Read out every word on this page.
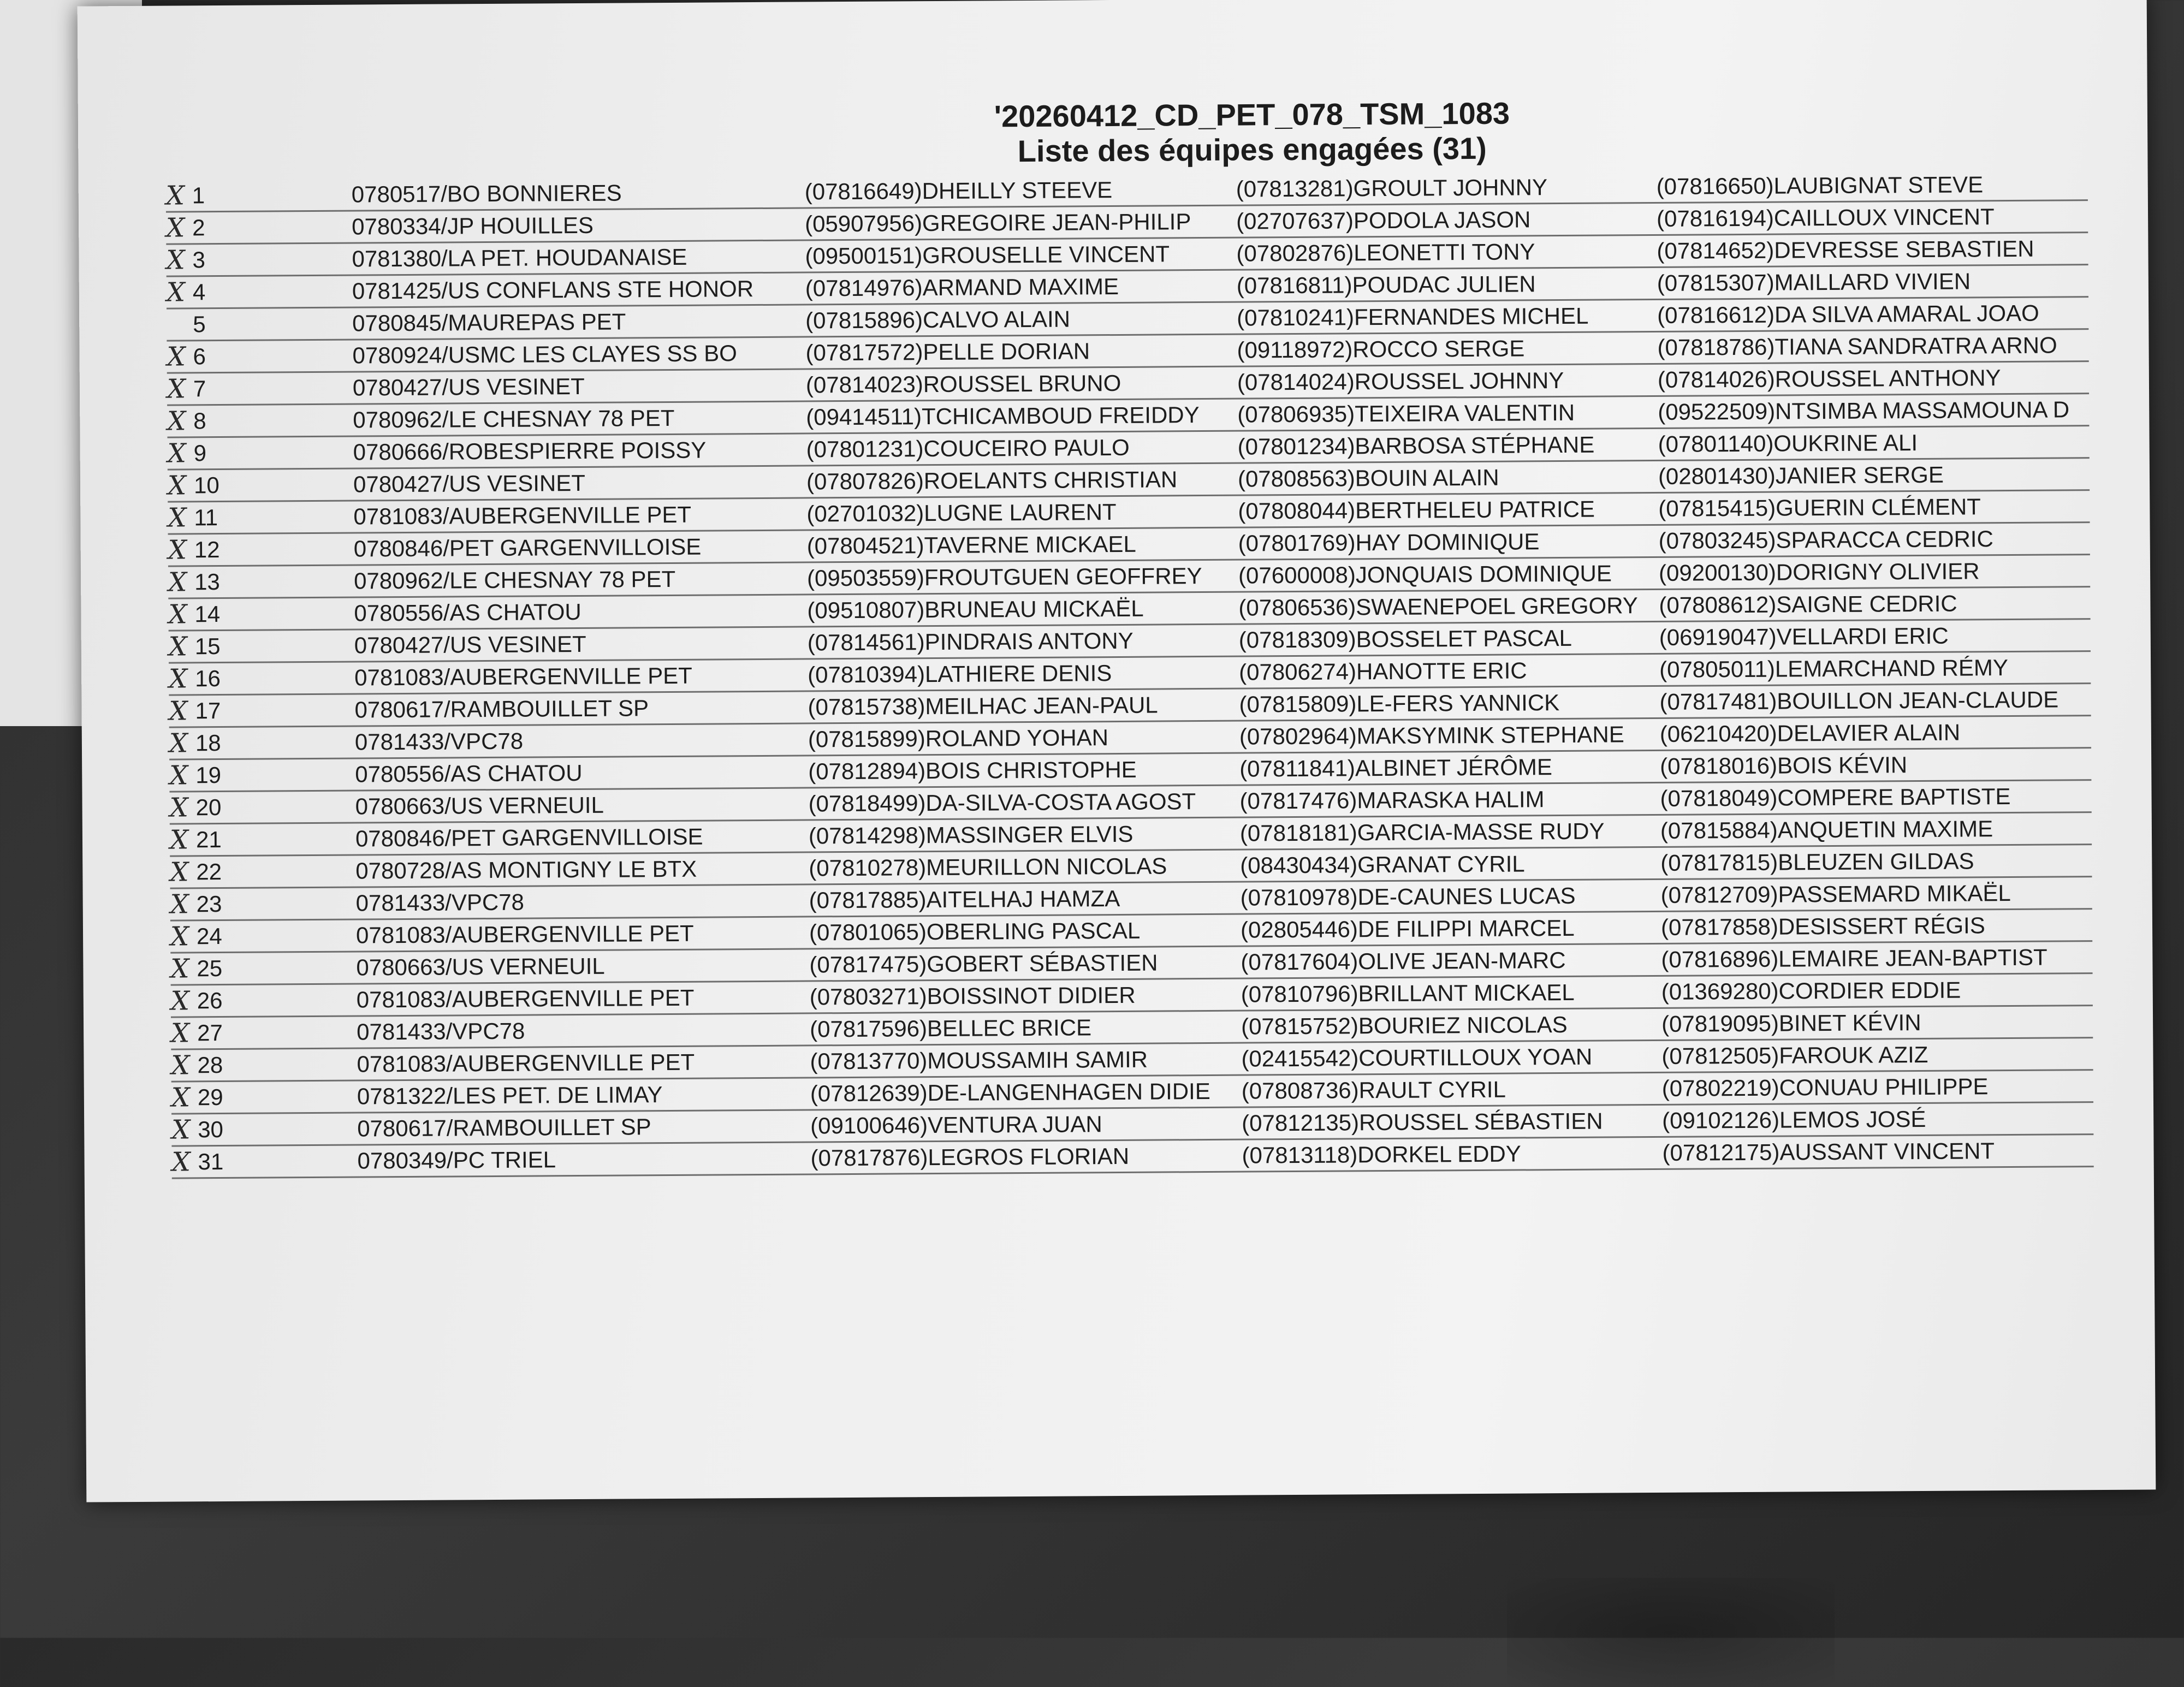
'20260412_CD_PET_078_TSM_1083
Liste des équipes engagées (31)
X 1	0780517/BO BONNIERES	(07816649)DHEILLY STEEVE	(07813281)GROULT JOHNNY	(07816650)LAUBIGNAT STEVE
X 2	0780334/JP HOUILLES	(05907956)GREGOIRE JEAN-PHILIP (02707637)PODOLA JASON	(07816194)CAILLOUX VINCENT
X 3	0781380/LA PET. HOUDANAISE	(09500151)GROUSELLE VINCENT	(07802876)LEONETTI TONY	(07814652)DEVRESSE SEBASTIEN
X 4	0781425/US CONFLANS STE HONOR (07814976)ARMAND MAXIME	(07816811)POUDAC JULIEN	(07815307)MAILLARD VIVIEN
5	0780845/MAUREPAS PET	(07815896)CALVO ALAIN	(07810241)FERNANDES MICHEL	(07816612)DA SILVA AMARAL JOAO
X 6	0780924/USMC LES CLAYES SS BO	(07817572)PELLE DORIAN	(09118972)ROCCO SERGE	(07818786)TIANA SANDRATRA ARNO
X 7	0780427/US VESINET	(07814023)ROUSSEL BRUNO	(07814024)ROUSSEL JOHNNY	(07814026)ROUSSEL ANTHONY
X 8	0780962/LE CHESNAY 78 PET	(09414511)TCHICAMBOUD FREIDDY (07806935)TEIXEIRA VALENTIN	(09522509)NTSIMBA MASSAMOUNA D
X 9	0780666/ROBESPIERRE POISSY	(07801231)COUCEIRO PAULO	(07801234)BARBOSA STÉPHANE	(07801140)OUKRINE ALI
X 10	0780427/US VESINET	(07807826)ROELANTS CHRISTIAN	(07808563)BOUIN ALAIN	(02801430)JANIER SERGE
X 11	0781083/AUBERGENVILLE PET	(02701032)LUGNE LAURENT	(07808044)BERTHELEU PATRICE	(07815415)GUERIN CLÉMENT
X 12	0780846/PET GARGENVILLOISE	(07804521)TAVERNE MICKAEL	(07801769)HAY DOMINIQUE	(07803245)SPARACCA CEDRIC
X 13	0780962/LE CHESNAY 78 PET	(09503559)FROUTGUEN GEOFFREY (07600008)JONQUAIS DOMINIQUE (09200130)DORIGNY OLIVIER
X 14	0780556/AS CHATOU	(09510807)BRUNEAU MICKAËL	(07806536)SWAENEPOEL GREGORY (07808612)SAIGNE CEDRIC
X 15	0780427/US VESINET	(07814561)PINDRAIS ANTONY	(07818309)BOSSELET PASCAL	(06919047)VELLARDI ERIC
X 16	0781083/AUBERGENVILLE PET	(07810394)LATHIERE DENIS	(07806274)HANOTTE ERIC	(07805011)LEMARCHAND RÉMY
X 17	0780617/RAMBOUILLET SP	(07815738)MEILHAC JEAN-PAUL	(07815809)LE-FERS YANNICK	(07817481)BOUILLON JEAN-CLAUDE
X 18	0781433/VPC78	(07815899)ROLAND YOHAN	(07802964)MAKSYMINK STEPHANE (06210420)DELAVIER ALAIN
X 19	0780556/AS CHATOU	(07812894)BOIS CHRISTOPHE	(07811841)ALBINET JÉRÔME	(07818016)BOIS KÉVIN
X 20	0780663/US VERNEUIL	(07818499)DA-SILVA-COSTA AGOST (07817476)MARASKA HALIM	(07818049)COMPERE BAPTISTE
X 21	0780846/PET GARGENVILLOISE	(07814298)MASSINGER ELVIS	(07818181)GARCIA-MASSE RUDY (07815884)ANQUETIN MAXIME
X 22	0780728/AS MONTIGNY LE BTX	(07810278)MEURILLON NICOLAS	(08430434)GRANAT CYRIL	(07817815)BLEUZEN GILDAS
X 23	0781433/VPC78	(07817885)AITELHAJ HAMZA	(07810978)DE-CAUNES LUCAS	(07812709)PASSEMARD MIKAËL
X 24	0781083/AUBERGENVILLE PET	(07801065)OBERLING PASCAL	(02805446)DE FILIPPI MARCEL	(07817858)DESISSERT RÉGIS
X 25	0780663/US VERNEUIL	(07817475)GOBERT SÉBASTIEN	(07817604)OLIVE JEAN-MARC	(07816896)LEMAIRE JEAN-BAPTIST
X 26	0781083/AUBERGENVILLE PET	(07803271)BOISSINOT DIDIER	(07810796)BRILLANT MICKAEL	(01369280)CORDIER EDDIE
X 27	0781433/VPC78	(07817596)BELLEC BRICE	(07815752)BOURIEZ NICOLAS	(07819095)BINET KÉVIN
X 28	0781083/AUBERGENVILLE PET	(07813770)MOUSSAMIH SAMIR	(02415542)COURTILLOUX YOAN	(07812505)FAROUK AZIZ
X 29	0781322/LES PET. DE LIMAY	(07812639)DE-LANGENHAGEN DIDIE (07808736)RAULT CYRIL	(07802219)CONUAU PHILIPPE
X 30	0780617/RAMBOUILLET SP	(09100646)VENTURA JUAN	(07812135)ROUSSEL SÉBASTIEN	(09102126)LEMOS JOSÉ
X 31	0780349/PC TRIEL	(07817876)LEGROS FLORIAN	(07813118)DORKEL EDDY	(07812175)AUSSANT VINCENT
